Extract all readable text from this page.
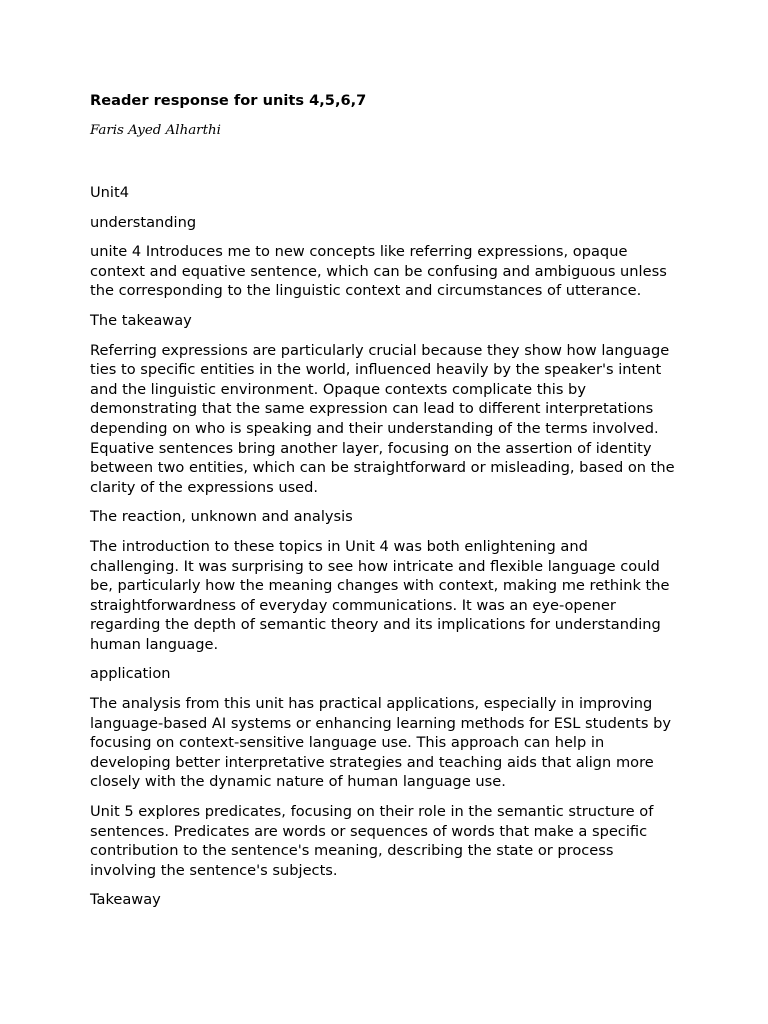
Reader response for units 4,5,6,7

Faris Ayed Alharthi

Unit4

understanding

unite 4 Introduces me to new concepts like referring expressions, opaque context and equative sentence, which can be confusing and ambiguous unless the corresponding to the linguistic context and circumstances of utterance.

The takeaway

Referring expressions are particularly crucial because they show how language ties to specific entities in the world, influenced heavily by the speaker's intent and the linguistic environment. Opaque contexts complicate this by demonstrating that the same expression can lead to different interpretations depending on who is speaking and their understanding of the terms involved. Equative sentences bring another layer, focusing on the assertion of identity between two entities, which can be straightforward or misleading, based on the clarity of the expressions used.

The reaction, unknown and analysis

The introduction to these topics in Unit 4 was both enlightening and challenging. It was surprising to see how intricate and flexible language could be, particularly how the meaning changes with context, making me rethink the straightforwardness of everyday communications. It was an eye-opener regarding the depth of semantic theory and its implications for understanding human language.

application

The analysis from this unit has practical applications, especially in improving language-based AI systems or enhancing learning methods for ESL students by focusing on context-sensitive language use. This approach can help in developing better interpretative strategies and teaching aids that align more closely with the dynamic nature of human language use.

Unit 5 explores predicates, focusing on their role in the semantic structure of sentences. Predicates are words or sequences of words that make a specific contribution to the sentence's meaning, describing the state or process involving the sentence's subjects.

Takeaway
